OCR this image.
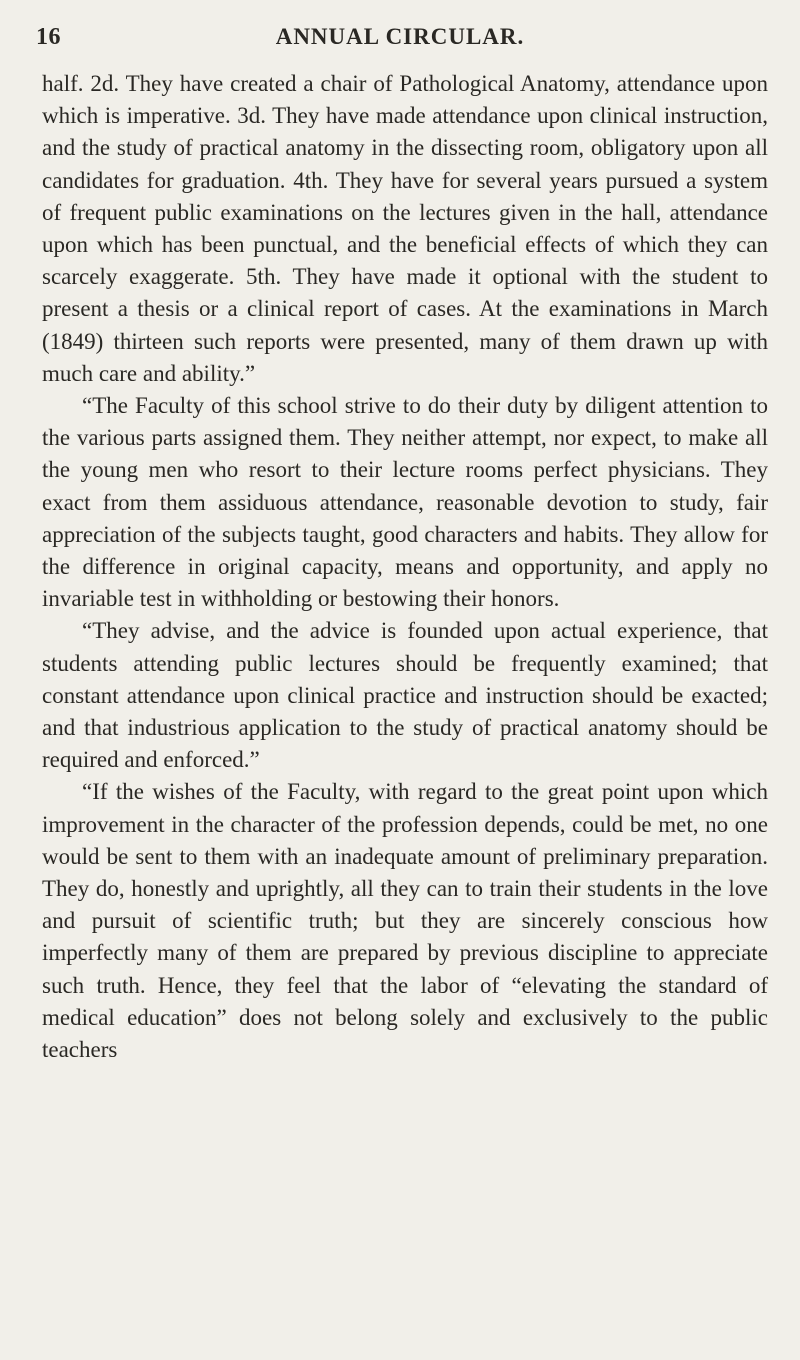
16	ANNUAL CIRCULAR.

half. 2d. They have created a chair of Pathological Anatomy, attendance upon which is imperative. 3d. They have made attendance upon clinical instruction, and the study of practical anatomy in the dissecting room, obligatory upon all candidates for graduation. 4th. They have for several years pursued a system of frequent public examinations on the lectures given in the hall, attendance upon which has been punctual, and the beneficial effects of which they can scarcely exaggerate. 5th. They have made it optional with the student to present a thesis or a clinical report of cases. At the examinations in March (1849) thirteen such reports were presented, many of them drawn up with much care and ability.”

“The Faculty of this school strive to do their duty by diligent attention to the various parts assigned them. They neither attempt, nor expect, to make all the young men who resort to their lecture rooms perfect physicians. They exact from them assiduous attendance, reasonable devotion to study, fair appreciation of the subjects taught, good characters and habits. They allow for the difference in original capacity, means and opportunity, and apply no invariable test in withholding or bestowing their honors.

“They advise, and the advice is founded upon actual experience, that students attending public lectures should be frequently examined; that constant attendance upon clinical practice and instruction should be exacted; and that industrious application to the study of practical anatomy should be required and enforced.”

“If the wishes of the Faculty, with regard to the great point upon which improvement in the character of the profession depends, could be met, no one would be sent to them with an inadequate amount of preliminary preparation. They do, honestly and uprightly, all they can to train their students in the love and pursuit of scientific truth; but they are sincerely conscious how imperfectly many of them are prepared by previous discipline to appreciate such truth. Hence, they feel that the labor of “elevating the standard of medical education” does not belong solely and exclusively to the public teachers
